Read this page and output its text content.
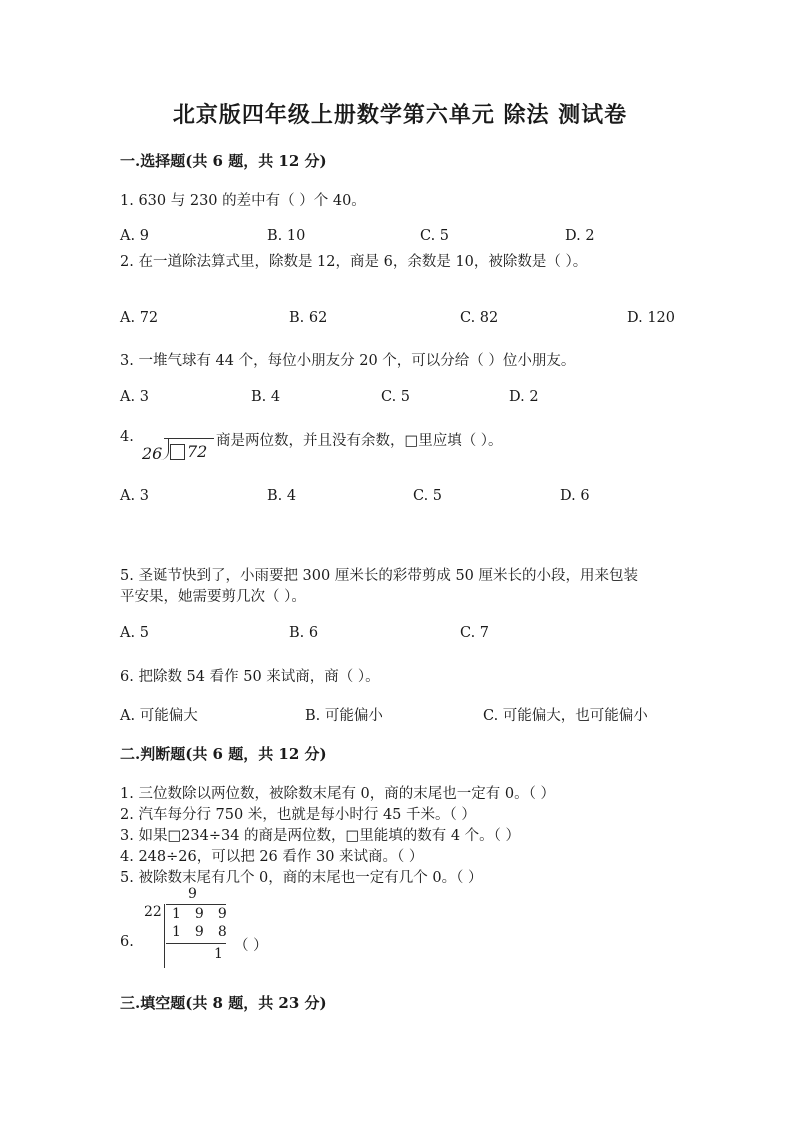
北京版四年级上册数学第六单元 除法 测试卷
一.选择题(共 6 题，共 12 分)
1. 630 与 230 的差中有（ ）个 40。
A. 9	B. 10	C. 5	D. 2
2. 在一道除法算式里，除数是 12，商是 6，余数是 10，被除数是（ ）。
A. 72	B. 62	C. 82	D. 120
3. 一堆气球有 44 个，每位小朋友分 20 个，可以分给（ ）位小朋友。
A. 3	B. 4	C. 5	D. 2
4.
26 72
商是两位数，并且没有余数，□里应填（ ）。
A. 3	B. 4	C. 5	D. 6
5. 圣诞节快到了，小雨要把 300 厘米长的彩带剪成 50 厘米长的小段，用来包装
平安果，她需要剪几次（ ）。
A. 5	B. 6	C. 7
6. 把除数 54 看作 50 来试商，商（ ）。
A. 可能偏大	B. 可能偏小	C. 可能偏大，也可能偏小
二.判断题(共 6 题，共 12 分)
1. 三位数除以两位数，被除数末尾有 0，商的末尾也一定有 0。（ ）
2. 汽车每分行 750 米，也就是每小时行 45 千米。（ ）
3. 如果□234÷34 的商是两位数，□里能填的数有 4 个。（ ）
4. 248÷26，可以把 26 看作 30 来试商。（ ）
5. 被除数末尾有几个 0，商的末尾也一定有几个 0。（ ）
6.
9
22 199
198
1 （ ）
三.填空题(共 8 题，共 23 分)
